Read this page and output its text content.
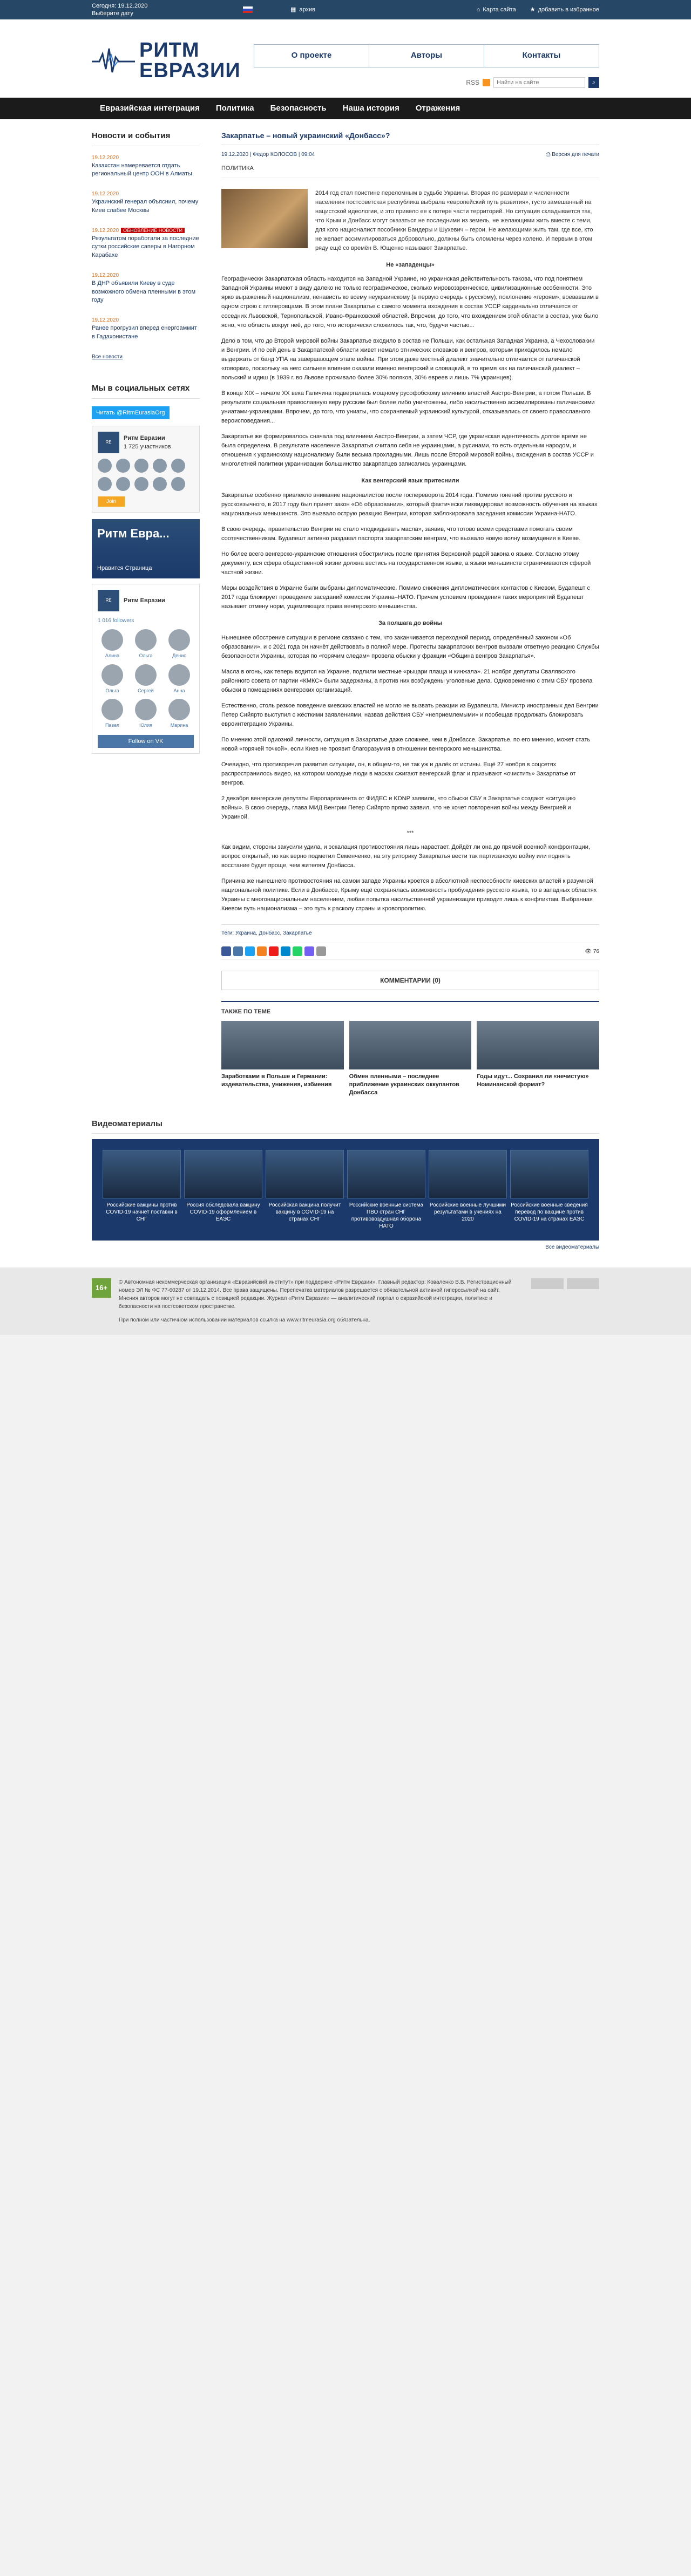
Сегодня: 19.12.2020
Выберите дату
▦ архив	⌂ Карта сайта ★ добавить в избранное
РИТМ
ЕВРАЗИИ
О проекте	Авторы	Контакты
RSS
Найти на сайте	⌕
Евразийская интеграция	Политика	Безопасность	Наша история	Отражения
Новости и события
19.12.2020
Казахстан намеревается отдать региональный центр ООН в Алматы
19.12.2020
Украинский генерал объяснил, почему Киев слабее Москвы
19.12.2020 ОБНОВЛЕНИЕ НОВОСТИ
Результатом поработали за последние сутки российские саперы в Нагорном Карабахе
19.12.2020
В ДНР объявили Киеву в суде возможного обмена пленными в этом году
19.12.2020
Ранее прогрузил вперед енергоаммит в Гадахонистане
Все новости
Мы в социальных сетях
Читать @RitmEurasiaOrg
RE
Ритм Евразии
1 725 участников
Join
Ритм Евра...
Нравится Страница
RE	Ритм Евразии
1 016 followers
Алина	Ольга	Денис
Ольга	Сергей	Анна
Павел	Юлия	Марина
Follow on VK
Закарпатье – новый украинский «Донбасс»?
19.12.2020 | Федор КОЛОСОВ | 09:04	⎙ Версия для печати
ПОЛИТИКА
2014 год стал поистине переломным в судьбе Украины. Вторая по размерам и численности населения постсоветская республика выбрала «европейский путь развития», густо замешанный на нацистской идеологии, и это привело ее к потере части территорий. Но ситуация складывается так, что Крым и Донбасс могут оказаться не последними из земель, не желающими жить вместе с теми, для кого националист пособники Бандеры и Шухевич – герои. Не желающими жить там, где все, кто не желает ассимилироваться добровольно, должны быть сломлены через колено. И первым в этом ряду ещё со времён В. Ющенко называют Закарпатье.
Не «западенцы»

Географически Закарпатская область находится на Западной Украине, но украинская действительность такова, что под понятием Западной Украины имеют в виду далеко не только географическое, сколько мировоззренческое, цивилизационные особенности. Это ярко выраженный национализм, ненависть ко всему неукраинскому (в первую очередь к русскому), поклонение «героям», воевавшим в одном строю с гитлеровцами. В этом плане Закарпатье с самого момента вхождения в состав УССР кардинально отличается от соседних Львовской, Тернопольской, Ивано-Франковской областей. Впрочем, до того, что вхождением этой области в состав, уже было ясно, что область вокруг неё, до того, что исторически сложилось так, что, будучи частью...

Дело в том, что до Второй мировой войны Закарпатье входило в состав не Польши, как остальная Западная Украина, а Чехословакии и Венгрии. И по сей день в Закарпатской области живет немало этнических словаков и венгров, которым приходилось немало выдержать от банд УПА на завершающем этапе войны. При этом даже местный диалект значительно отличается от галичанской «говорки», поскольку на него сильнее влияние оказали именно венгерский и словацкий, в то время как на галичанский диалект – польский и идиш (в 1939 г. во Львове проживало более 30% поляков, 30% евреев и лишь 7% украинцев).

В конце XIX – начале XX века Галичина подвергалась мощному русофобскому влиянию властей Австро-Венгрии, а потом Польши. В результате социальная православную веру русским был более либо уничтожены, либо насильственно ассимилированы галичанскими униатами-украинцами. Впрочем, до того, что униаты, что сохраняемый украинский культурой, отказывались от своего православного вероисповедания...

Закарпатье же формировалось сначала под влиянием Австро-Венгрии, а затем ЧСР, где украинская идентичность долгое время не была определена. В результате население Закарпатья считало себя не украинцами, а русинами, то есть отдельным народом, и отношения к украинскому национализму были весьма прохладными. Лишь после Второй мировой войны, вхождения в состав УССР и многолетней политики украинизации большинство закарпатцев записались украинцами.

Как венгерский язык притеснили

Закарпатье особенно привлекло внимание националистов после госпереворота 2014 года. Помимо гонений против русского и русскоязычного, в 2017 году был принят закон «Об образовании», который фактически ликвидировал возможность обучения на языках национальных меньшинств. Это вызвало острую реакцию Венгрии, которая заблокировала заседания комиссии Украина-НАТО.

В свою очередь, правительство Венгрии не стало «подкидывать масла», заявив, что готово всеми средствами помогать своим соотечественникам. Будапешт активно раздавал паспорта закарпатским венграм, что вызвало новую волну возмущения в Киеве.

Но более всего венгерско-украинские отношения обострились после принятия Верховной радой закона о языке. Согласно этому документу, вся сфера общественной жизни должна вестись на государственном языке, а языки меньшинств ограничиваются сферой частной жизни.

Меры воздействия в Украине были выбраны дипломатические. Помимо снижения дипломатических контактов с Киевом, Будапешт с 2017 года блокирует проведение заседаний комиссии Украина–НАТО. Причем условием проведения таких мероприятий Будапешт называет отмену норм, ущемляющих права венгерского меньшинства.

За полшага до войны

Нынешнее обострение ситуации в регионе связано с тем, что заканчивается переходной период, определённый законом «Об образовании», и с 2021 года он начнёт действовать в полной мере. Протесты закарпатских венгров вызвали ответную реакцию Службы безопасности Украины, которая по «горячим следам» провела обыски у фракции «Община венгров Закарпатья».

Масла в огонь, как теперь водится на Украине, подлили местные «рыцари плаща и кинжала». 21 ноября депутаты Свалявского районного совета от партии «КМКС» были задержаны, а против них возбуждены уголовные дела. Одновременно с этим СБУ провела обыски в помещениях венгерских организаций.

Естественно, столь резкое поведение киевских властей не могло не вызвать реакции из Будапешта. Министр иностранных дел Венгрии Петер Сийярто выступил с жёсткими заявлениями, назвав действия СБУ «неприемлемыми» и пообещав продолжать блокировать евроинтеграцию Украины.

По мнению этой одиозной личности, ситуация в Закарпатье даже сложнее, чем в Донбассе. Закарпатье, по его мнению, может стать новой «горячей точкой», если Киев не проявит благоразумия в отношении венгерского меньшинства.

Очевидно, что противоречия развития ситуации, он, в общем-то, не так уж и далёк от истины. Ещё 27 ноября в соцсетях распространилось видео, на котором молодые люди в масках сжигают венгерский флаг и призывают «очистить» Закарпатье от венгров.

2 декабря венгерские депутаты Европарламента от ФИДЕС и KDNP заявили, что обыски СБУ в Закарпатье создают «ситуацию войны». В свою очередь, глава МИД Венгрии Петер Сийярто прямо заявил, что не хочет повторения войны между Венгрией и Украиной.

***

Как видим, стороны закусили удила, и эскалация противостояния лишь нарастает. Дойдёт ли она до прямой военной конфронтации, вопрос открытый, но как верно подметил Семенченко, на эту риторику Закарпатья вести так партизанскую войну или поднять восстание будет проще, чем жителям Донбасса.

Причина же нынешнего противостояния на самом западе Украины кроется в абсолютной неспособности киевских властей к разумной национальной политике. Если в Донбассе, Крыму ещё сохранялась возможность пробуждения русского языка, то в западных областях Украины с многонациональным населением, любая попытка насильственной украинизации приводит лишь к конфликтам. Выбранная Киевом путь национализма – это путь к расколу страны и кровопролитию.

Теги: Украина, Донбасс, Закарпатье
👁 76
КОММЕНТАРИИ (0)
ТАКЖЕ ПО ТЕМЕ
Заработками в Польше и Германии: издевательства, унижения, избиения
Обмен пленными – последнее приближение украинских оккупантов Донбасса
Годы идут... Сохранил ли «нечистую» Номинанской формат?
Видеоматериалы
Российские вакцины против COVID-19 начнет поставки в СНГ
Россия обследовала вакцину COVID-19 оформлением в ЕАЭС
Российская вакцина получит вакцину в COVID-19 на странах СНГ
Российские военные система ПВО стран СНГ противовоздушная оборона НАТО
Российские военные лучшими результатами в учениях на 2020
Российские военные сведения перевод по вакцине против COVID-19 на странах ЕАЭС
Все видеоматериалы
16+
© Автономная некоммерческая организация «Евразийский институт» при поддержке «Ритм Евразии». Главный редактор: Коваленко В.В. Регистрационный номер ЭЛ № ФС 77-60287 от 19.12.2014. Все права защищены. Перепечатка материалов разрешается с обязательной активной гиперссылкой на сайт. Мнения авторов могут не совпадать с позицией редакции. Журнал «Ритм Евразии» — аналитический портал о евразийской интеграции, политике и безопасности на постсоветском пространстве.
При полном или частичном использовании материалов ссылка на www.ritmeurasia.org обязательна.
